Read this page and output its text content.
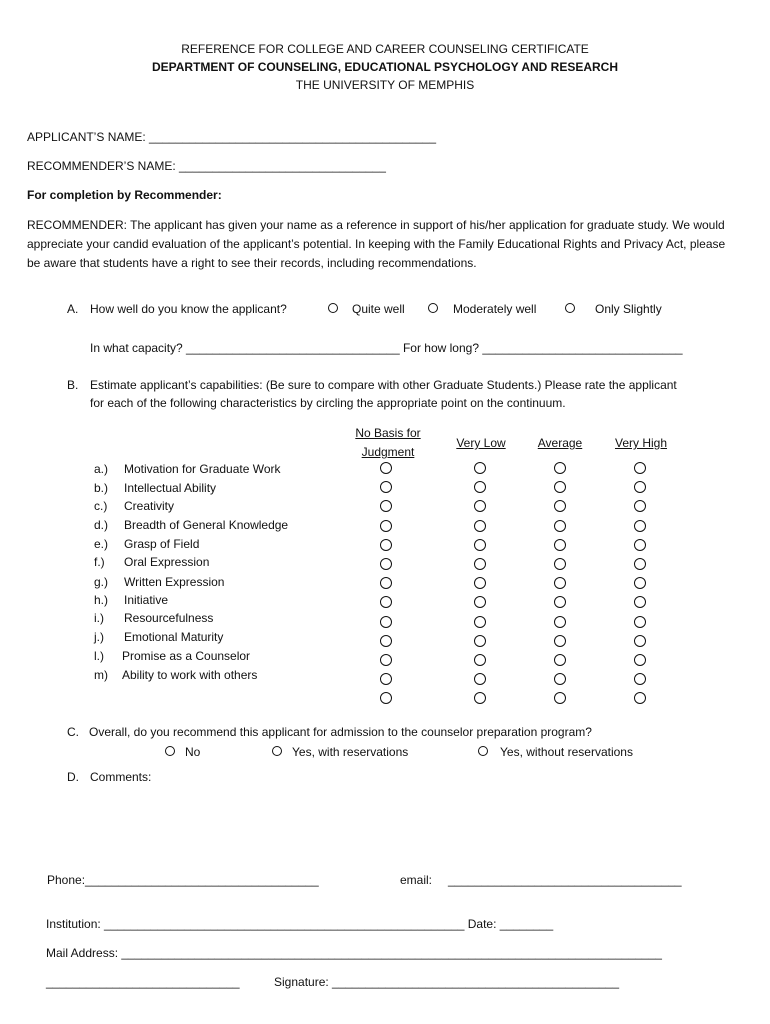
REFERENCE FOR COLLEGE AND CAREER COUNSELING CERTIFICATE
DEPARTMENT OF COUNSELING, EDUCATIONAL PSYCHOLOGY AND RESEARCH
THE UNIVERSITY OF MEMPHIS
APPLICANT’S NAME: ___________________________________________
RECOMMENDER’S NAME: _______________________________
For completion by Recommender:
RECOMMENDER: The applicant has given your name as a reference in support of his/her application for graduate study. We would appreciate your candid evaluation of the applicant’s potential. In keeping with the Family Educational Rights and Privacy Act, please be aware that students have a right to see their records, including recommendations.
A. How well do you know the applicant?	Quite well	Moderately well	Only Slightly
In what capacity? ________________________________ For how long? ______________________________
B. Estimate applicant’s capabilities: (Be sure to compare with other Graduate Students.) Please rate the applicant
for each of the following characteristics by circling the appropriate point on the continuum.
No Basis for
Judgment
Very Low	Average	Very High
a.) Motivation for Graduate Work
b.) Intellectual Ability
c.) Creativity
d.) Breadth of General Knowledge
e.) Grasp of Field
f.) Oral Expression
g.) Written Expression
h.) Initiative
i.) Resourcefulness
j.) Emotional Maturity
l.) Promise as a Counselor
m) Ability to work with others
C. Overall, do you recommend this applicant for admission to the counselor preparation program?
No	Yes, with reservations	Yes, without reservations
D. Comments:
Phone:___________________________________	email: ___________________________________
Institution: ______________________________________________________ Date: ________
Mail Address: _________________________________________________________________________________
_____________________________	Signature: ___________________________________________
